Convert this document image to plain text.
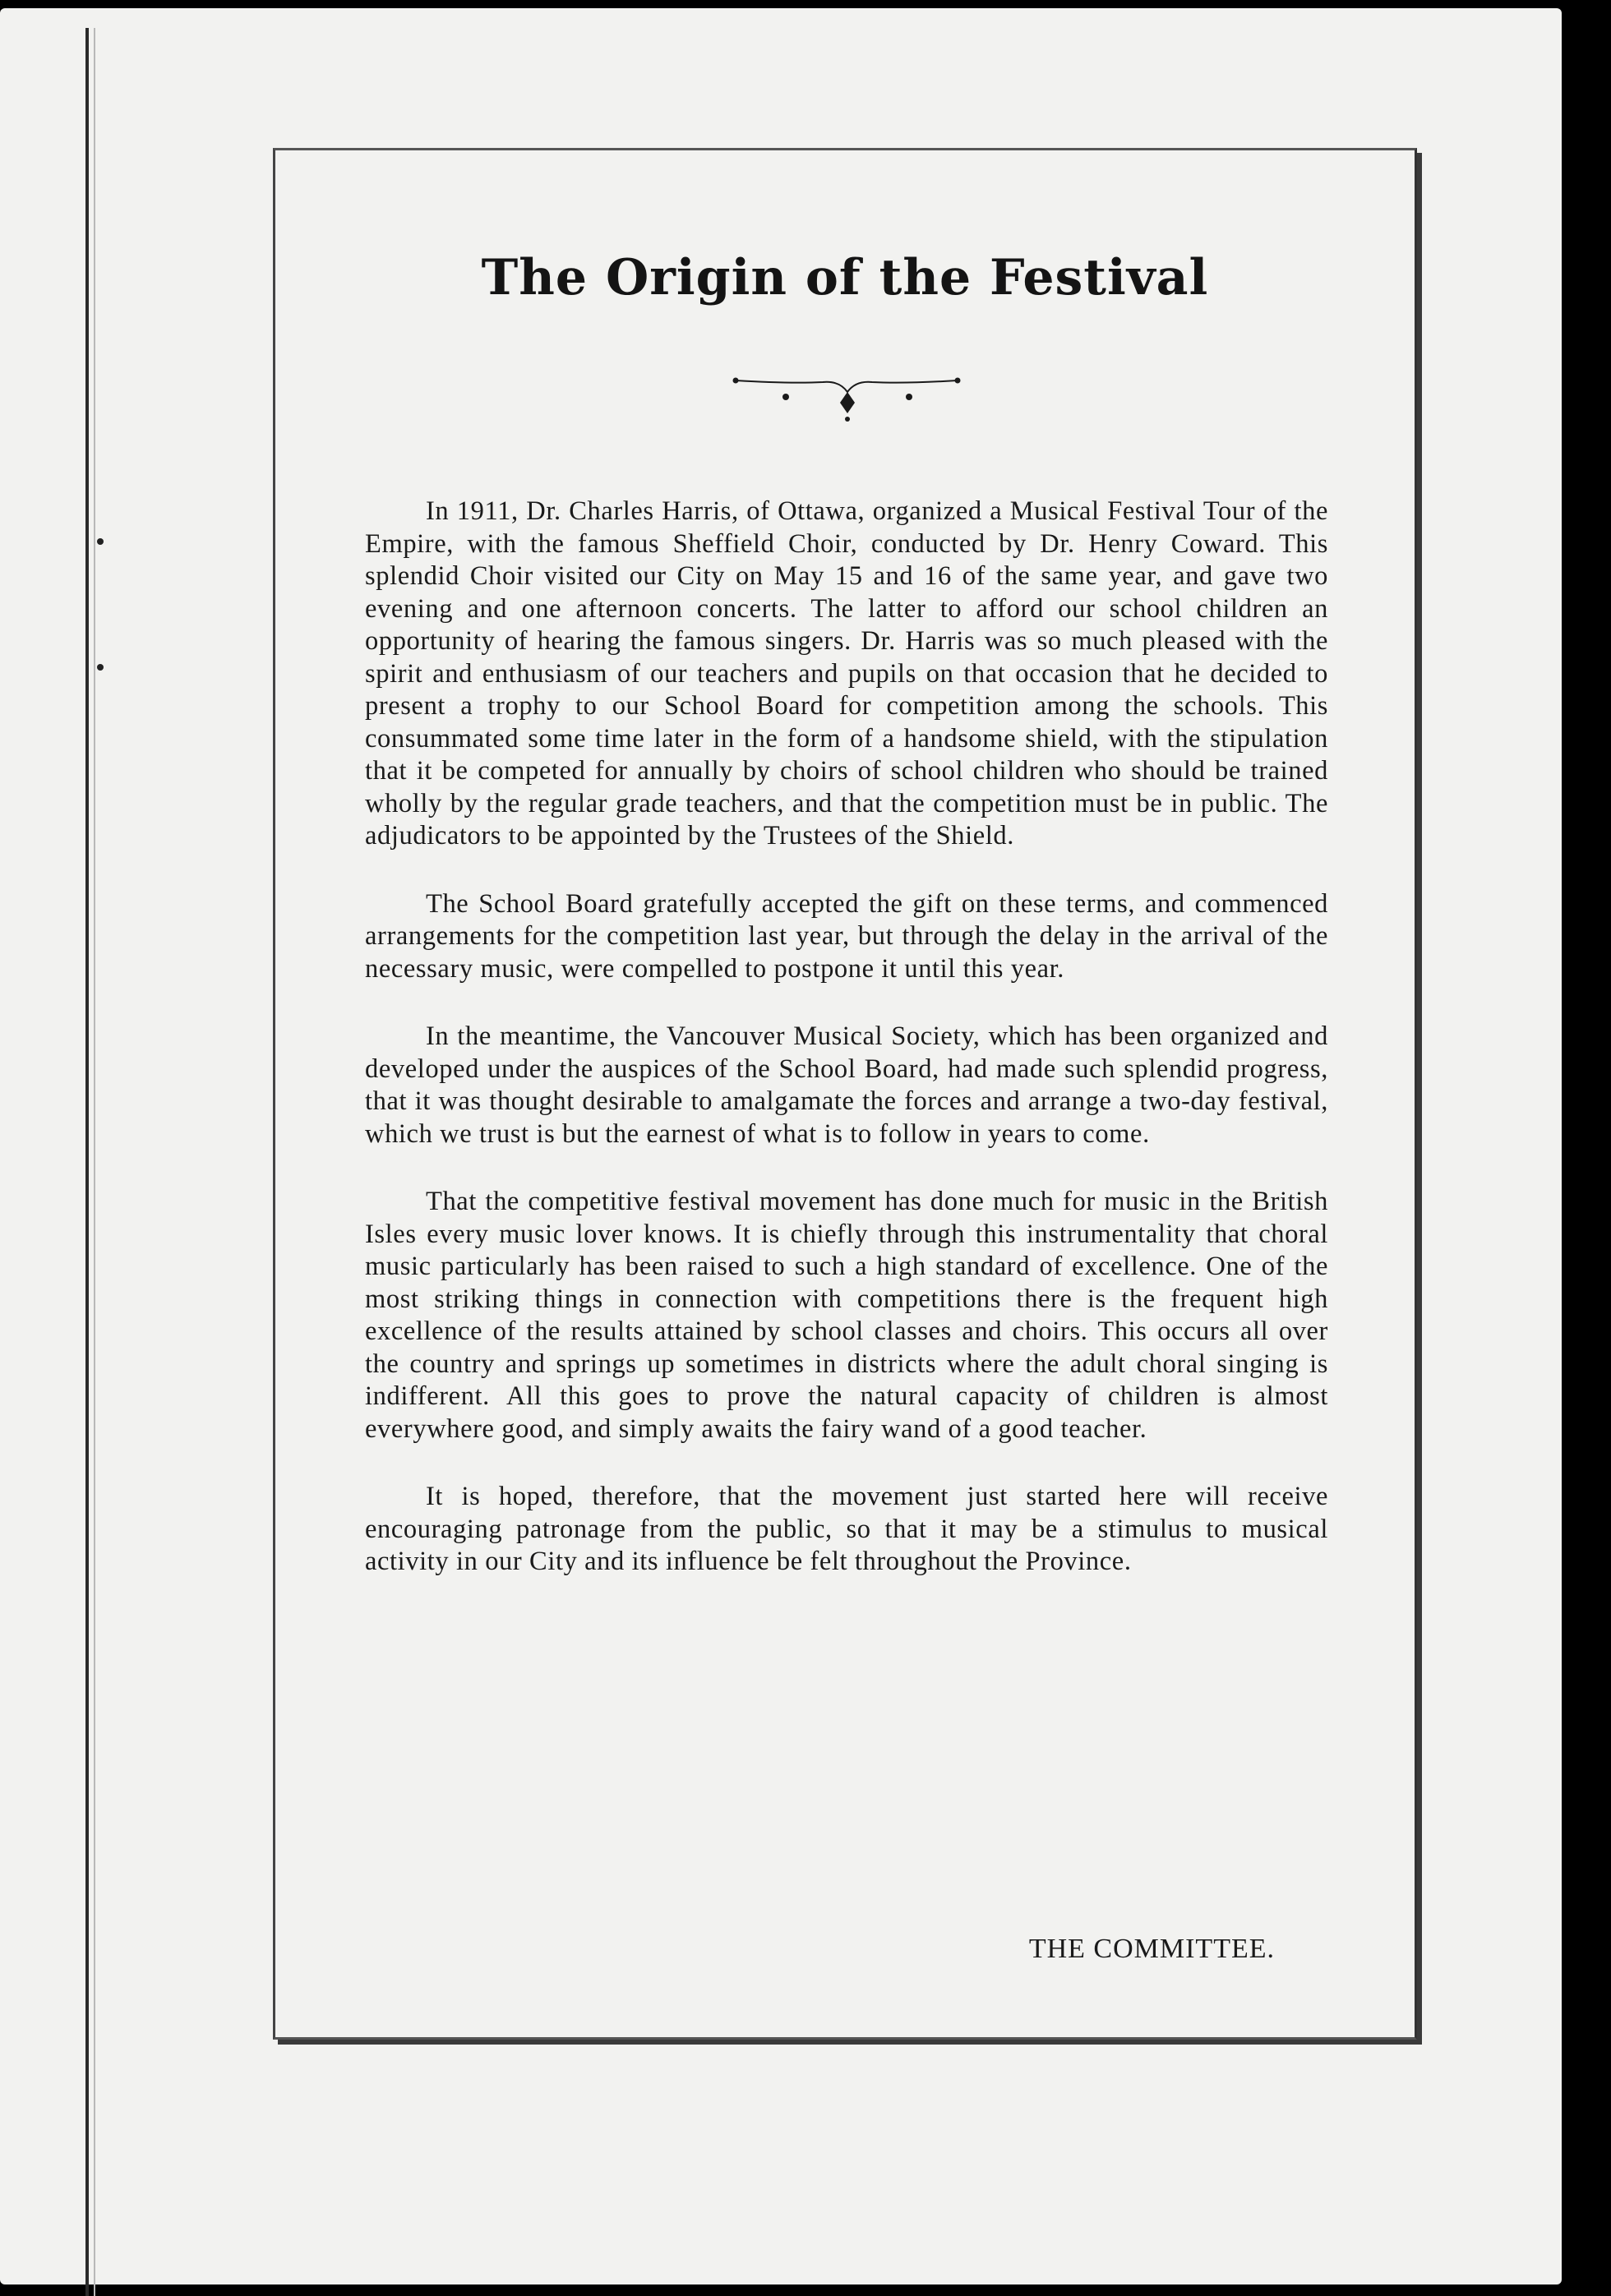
The Origin of the Festival

In 1911, Dr. Charles Harris, of Ottawa, organized a Musical Festival Tour of the Empire, with the famous Sheffield Choir, conducted by Dr. Henry Coward. This splendid Choir visited our City on May 15 and 16 of the same year, and gave two evening and one afternoon concerts. The latter to afford our school children an opportunity of hearing the famous singers. Dr. Harris was so much pleased with the spirit and enthusiasm of our teachers and pupils on that occasion that he decided to present a trophy to our School Board for competition among the schools. This consummated some time later in the form of a handsome shield, with the stipulation that it be competed for annually by choirs of school children who should be trained wholly by the regular grade teachers, and that the competition must be in public. The adjudicators to be appointed by the Trustees of the Shield.

The School Board gratefully accepted the gift on these terms, and commenced arrangements for the competition last year, but through the delay in the arrival of the necessary music, were compelled to postpone it until this year.

In the meantime, the Vancouver Musical Society, which has been organized and developed under the auspices of the School Board, had made such splendid progress, that it was thought desirable to amalgamate the forces and arrange a two-day festival, which we trust is but the earnest of what is to follow in years to come.

That the competitive festival movement has done much for music in the British Isles every music lover knows. It is chiefly through this instrumentality that choral music particularly has been raised to such a high standard of excellence. One of the most striking things in connection with competitions there is the frequent high excellence of the results attained by school classes and choirs. This occurs all over the country and springs up sometimes in districts where the adult choral singing is indifferent. All this goes to prove the natural capacity of children is almost everywhere good, and simply awaits the fairy wand of a good teacher.

It is hoped, therefore, that the movement just started here will receive encouraging patronage from the public, so that it may be a stimulus to musical activity in our City and its influence be felt throughout the Province.

THE COMMITTEE.
